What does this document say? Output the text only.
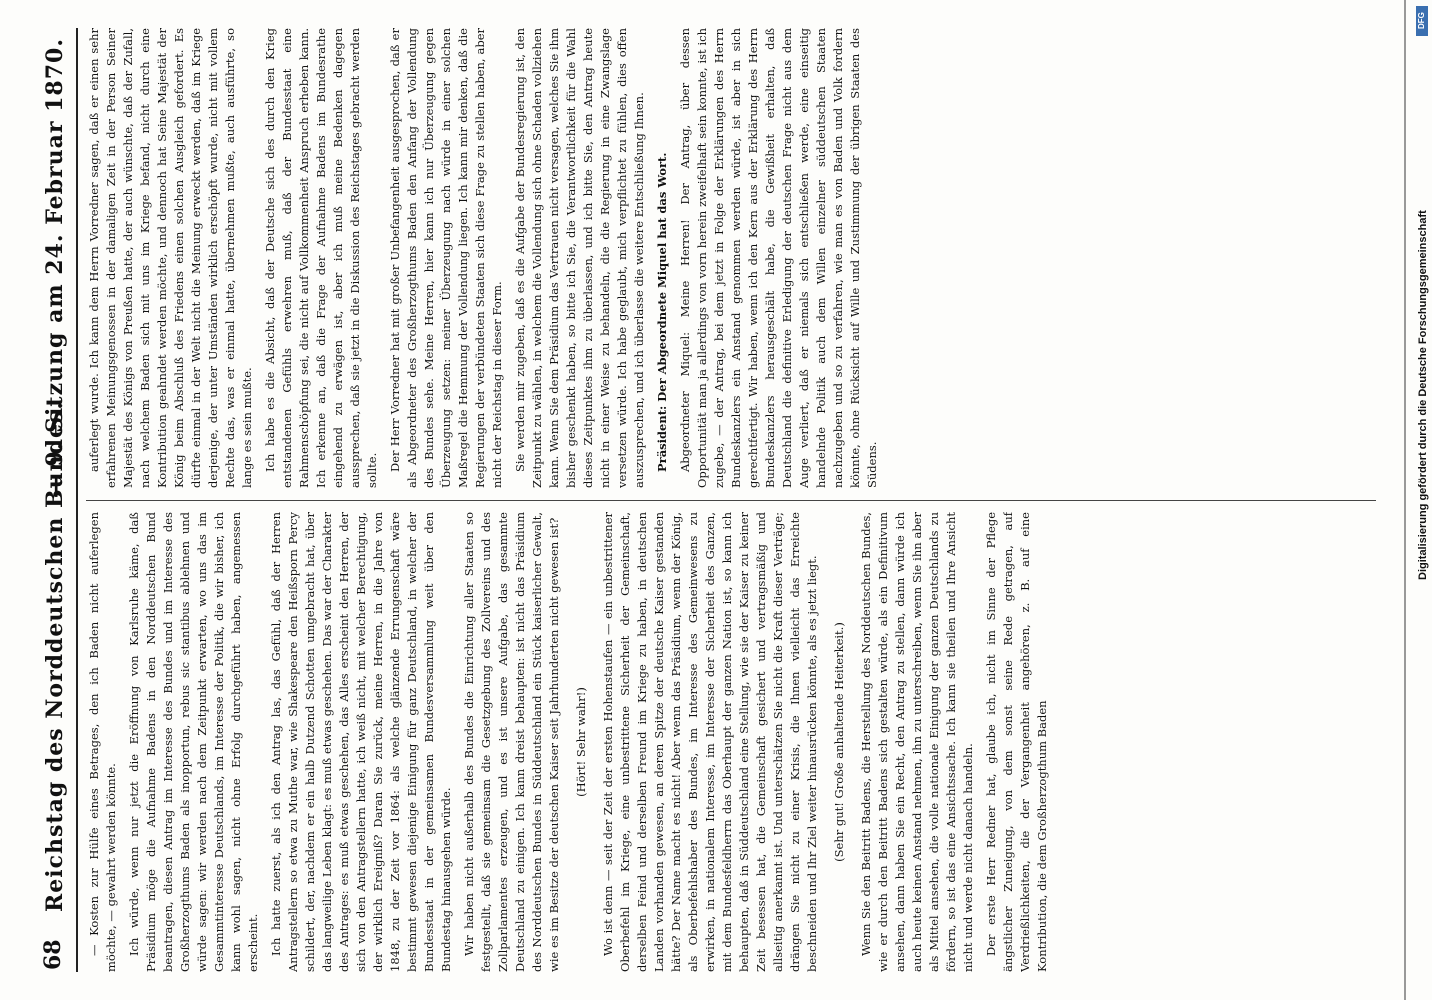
68
Reichstag des Norddeutschen Bundes.
— 9. Sitzung am 24. Februar 1870.

— Kosten zur Hülfe eines Betrages, den ich Baden nicht auferlegen möchte, — gewahrt werden könnte. Ich würde, wenn nur jetzt die Eröffnung von Karlsruhe käme, daß Präsidium möge die Aufnahme Badens in den Norddeutschen Bund beantragen, diesen Antrag im Interesse des Bundes und im Interesse des Großherzogthums Baden als inopportun, rebus sic stantibus ablehnen und würde sagen: wir werden nach dem Zeitpunkt erwarten, wo uns das im Gesammtinteresse Deutschlands, im Interesse der Politik, die wir bisher, ich kann wohl sagen, nicht ohne Erfolg durchgeführt haben, angemessen erscheint. Ich hatte zuerst, als ich den Antrag las, das Gefühl, daß der Herren Antragstellern so etwa zu Muthe war, wie Shakespeare den Heißsporn Percy schildert, der, nachdem er ein halb Dutzend Schotten umgebracht hat, über das langweilige Leben klagt: es muß etwas geschehen. Das war der Charakter des Antrages: es muß etwas geschehen, das Alles erscheint den Herren, der sich von den Antragstellern hatte, ich weiß nicht, mit welcher Berechtigung, der wirklich Ereigniß? Daran Sie zurück, meine Herren, in die Jahre von 1848, zu der Zeit vor 1864: als welche glänzende Errungenschaft wäre bestimmt gewesen diejenige Einigung für ganz Deutschland, in welcher der Bundesstaat in der gemeinsamen Bundesversammlung weit über den Bundestag hinausgehen würde. Wir haben nicht außerhalb des Bundes die Einrichtung aller Staaten so festgestellt, daß sie gemeinsam die Gesetzgebung des Zollvereins und des Zollparlamentes erzeugen, und es ist unsere Aufgabe, das gesammte Deutschland zu einigen. Ich kann dreist behaupten: ist nicht das Präsidium des Norddeutschen Bundes in Süddeutschland ein Stück kaiserlicher Gewalt, wie es im Besitze der deutschen Kaiser seit Jahrhunderten nicht gewesen ist? (Hört! Sehr wahr!) Wo ist denn — seit der Zeit der ersten Hohenstaufen — ein unbestrittener Oberbefehl im Kriege, eine unbestrittene Sicherheit der Gemeinschaft, derselben Feind und derselben Freund im Kriege zu haben, in deutschen Landen vorhanden gewesen, an deren Spitze der deutsche Kaiser gestanden hätte? Der Name macht es nicht! Aber wenn das Präsidium, wenn der König, als Oberbefehlshaber des Bundes, im Interesse des Gemeinwesens zu erwirken, in nationalem Interesse, im Interesse der Sicherheit des Ganzen, mit dem Bundesfeldherrn das Oberhaupt der ganzen Nation ist, so kann ich behaupten, daß in Süddeutschland eine Stellung, wie sie der Kaiser zu keiner Zeit besessen hat, die Gemeinschaft gesichert und vertragsmäßig und allseitig anerkannt ist. Und unterschätzen Sie nicht die Kraft dieser Verträge; drängen Sie nicht zu einer Krisis, die Ihnen vielleicht das Erreichte beschneiden und Ihr Ziel weiter hinausrücken könnte, als es jetzt liegt. (Sehr gut! Große anhaltende Heiterkeit.) Wenn Sie den Beitritt Badens, die Herstellung des Norddeutschen Bundes, wie er durch den Beitritt Badens sich gestalten würde, als ein Definitivum ansehen, dann haben Sie ein Recht, den Antrag zu stellen, dann würde ich auch heute keinen Anstand nehmen, ihn zu unterschreiben, wenn Sie ihn aber als Mittel ansehen, die volle nationale Einigung der ganzen Deutschlands zu fördern, so ist das eine Ansichtssache. Ich kann sie theilen und Ihre Ansicht nicht und werde nicht danach handeln. Der erste Herr Redner hat, glaube ich, nicht im Sinne der Pflege ängstlicher Zuneigung, von dem sonst seine Rede getragen, auf Verdrießlichkeiten, die der Vergangenheit angehören, z. B. auf eine Kontribution, die dem Großherzogthum Baden

auferlegt wurde. Ich kann dem Herrn Vorredner sagen, daß er einen sehr erfahrenen Meinungsgenossen in der damaligen Zeit in der Person Seiner Majestät des Königs von Preußen hatte, der auch wünschte, daß der Zufall, nach welchem Baden sich mit uns im Kriege befand, nicht durch eine Kontribution geahndet werden möchte, und dennoch hat Seine Majestät der König beim Abschluß des Friedens einen solchen Ausgleich gefordert. Es dürfte einmal in der Welt nicht die Meinung erweckt werden, daß im Kriege derjenige, der unter Umständen wirklich erschöpft wurde, nicht mit vollem Rechte das, was er einmal hatte, übernehmen mußte, auch ausführte, so lange es sein mußte. Ich habe es die Absicht, daß der Deutsche sich des durch den Krieg entstandenen Gefühls erwehren muß, daß der Bundesstaat eine Rahmenschöpfung sei, die nicht auf Vollkommenheit Anspruch erheben kann. Ich erkenne an, daß die Frage der Aufnahme Badens im Bundesrathe eingehend zu erwägen ist, aber ich muß meine Bedenken dagegen aussprechen, daß sie jetzt in die Diskussion des Reichstages gebracht werden sollte. Der Herr Vorredner hat mit großer Unbefangenheit ausgesprochen, daß er als Abgeordneter des Großherzogthums Baden den Anfang der Vollendung des Bundes sehe. Meine Herren, hier kann ich nur Überzeugung gegen Überzeugung setzen: meiner Überzeugung nach würde in einer solchen Maßregel die Hemmung der Vollendung liegen. Ich kann mir denken, daß die Regierungen der verbündeten Staaten sich diese Frage zu stellen haben, aber nicht der Reichstag in dieser Form. Sie werden mir zugeben, daß es die Aufgabe der Bundesregierung ist, den Zeitpunkt zu wählen, in welchem die Vollendung sich ohne Schaden vollziehen kann. Wenn Sie dem Präsidium das Vertrauen nicht versagen, welches Sie ihm bisher geschenkt haben, so bitte ich Sie, die Verantwortlichkeit für die Wahl dieses Zeitpunktes ihm zu überlassen, und ich bitte Sie, den Antrag heute nicht in einer Weise zu behandeln, die die Regierung in eine Zwangslage versetzen würde. Ich habe geglaubt, mich verpflichtet zu fühlen, dies offen auszusprechen, und ich überlasse die weitere Entschließung Ihnen. Präsident: Der Abgeordnete Miquel hat das Wort. Abgeordneter Miquel: Meine Herren! Der Antrag, über dessen Opportunität man ja allerdings von vorn herein zweifelhaft sein konnte, ist ich zugebe, — der Antrag, bei dem jetzt in Folge der Erklärungen des Herrn Bundeskanzlers ein Anstand genommen werden würde, ist aber in sich gerechtfertigt. Wir haben, wenn ich den Kern aus der Erklärung des Herrn Bundeskanzlers herausgeschält habe, die Gewißheit erhalten, daß Deutschland die definitive Erledigung der deutschen Frage nicht aus dem Auge verliert, daß er niemals sich entschließen werde, eine einseitig handelnde Politik auch dem Willen einzelner süddeutschen Staaten nachzugeben und so zu verfahren, wie man es von Baden und Volk fordern könnte, ohne Rücksicht auf Wille und Zustimmung der übrigen Staaten des Südens.	Digitalisierung gefördert durch die Deutsche Forschungsgemeinschaft
DFG
